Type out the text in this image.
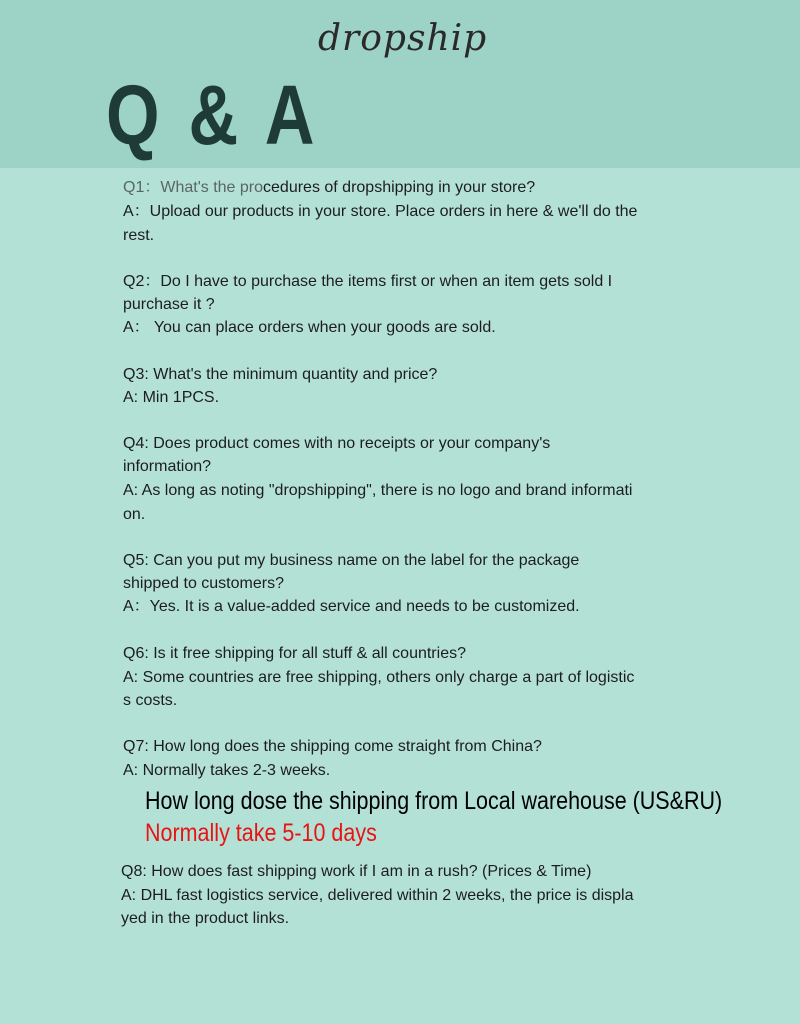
dropship
Q & A
Q1：What's the procedures of dropshipping in your store?
A：Upload our products in your store. Place orders in here & we'll do the
rest.
Q2：Do I have to purchase the items first or when an item gets sold I
purchase it ?
A： You can place orders when your goods are sold.
Q3: What's the minimum quantity and price?
A: Min 1PCS.
Q4: Does product comes with no receipts or your company's
information?
A: As long as noting "dropshipping", there is no logo and brand informati
on.
Q5: Can you put my business name on the label for the package
shipped to customers?
A：Yes. It is a value-added service and needs to be customized.
Q6: Is it free shipping for all stuff & all countries?
A: Some countries are free shipping, others only charge a part of logistic
s costs.
Q7: How long does the shipping come straight from China?
A: Normally takes 2-3 weeks.
How long dose the shipping from Local warehouse (US&RU)
Normally take 5-10 days
Q8: How does fast shipping work if I am in a rush? (Prices & Time)
A: DHL fast logistics service, delivered within 2 weeks, the price is displa
yed in the product links.
